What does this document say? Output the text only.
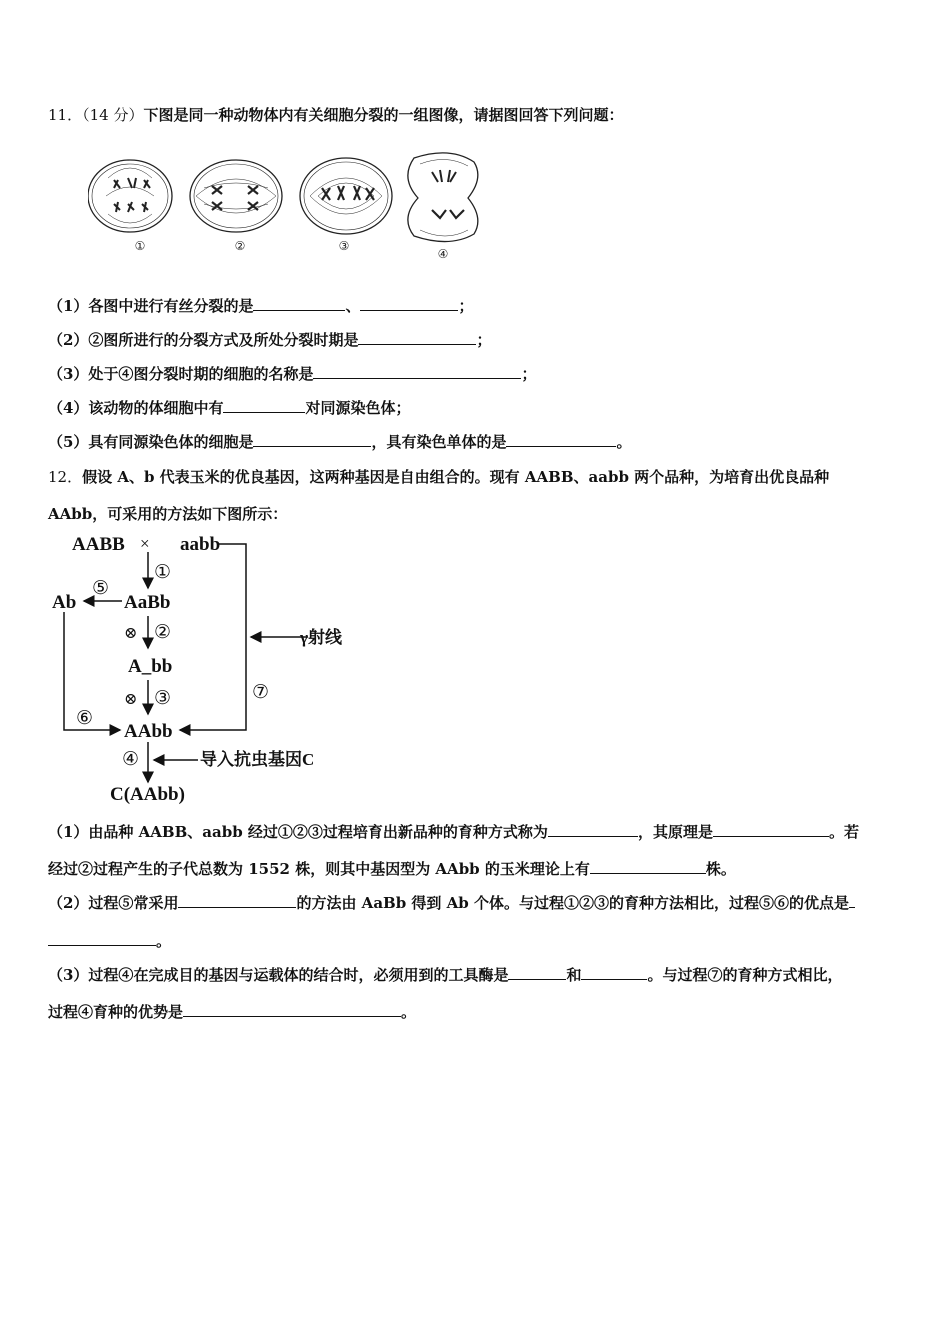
11．（14 分）下图是同一种动物体内有关细胞分裂的一组图像，请据图回答下列问题：
①	②	③
④
（1）各图中进行有丝分裂的是	、	；
（2）②图所进行的分裂方式及所处分裂时期是	；
（3）处于④图分裂时期的细胞的名称是	；
（4）该动物的体细胞中有	对同源染色体；
（5）具有同源染色体的细胞是	，具有染色单体的是	。
12．假设 A、b 代表玉米的优良基因，这两种基因是自由组合的。现有 AABB、aabb 两个品种，为培育出优良品种
AAbb，可采用的方法如下图所示：
AABB × aabb
①
Ab
⑤
AaBb
⊗ ②	γ射线
A_bb
⑦
⊗ ③
⑥
AAbb
④	导入抗虫基因C
C(AAbb)
（1）由品种 AABB、aabb 经过①②③过程培育出新品种的育种方式称为	，其原理是	。若
经过②过程产生的子代总数为 1552 株，则其中基因型为 AAbb 的玉米理论上有	株。
（2）过程⑤常采用	的方法由 AaBb 得到 Ab 个体。与过程①②③的育种方法相比，过程⑤⑥的优点是
。
（3）过程④在完成目的基因与运载体的结合时，必须用到的工具酶是	和	。与过程⑦的育种方式相比，
过程④育种的优势是	。
